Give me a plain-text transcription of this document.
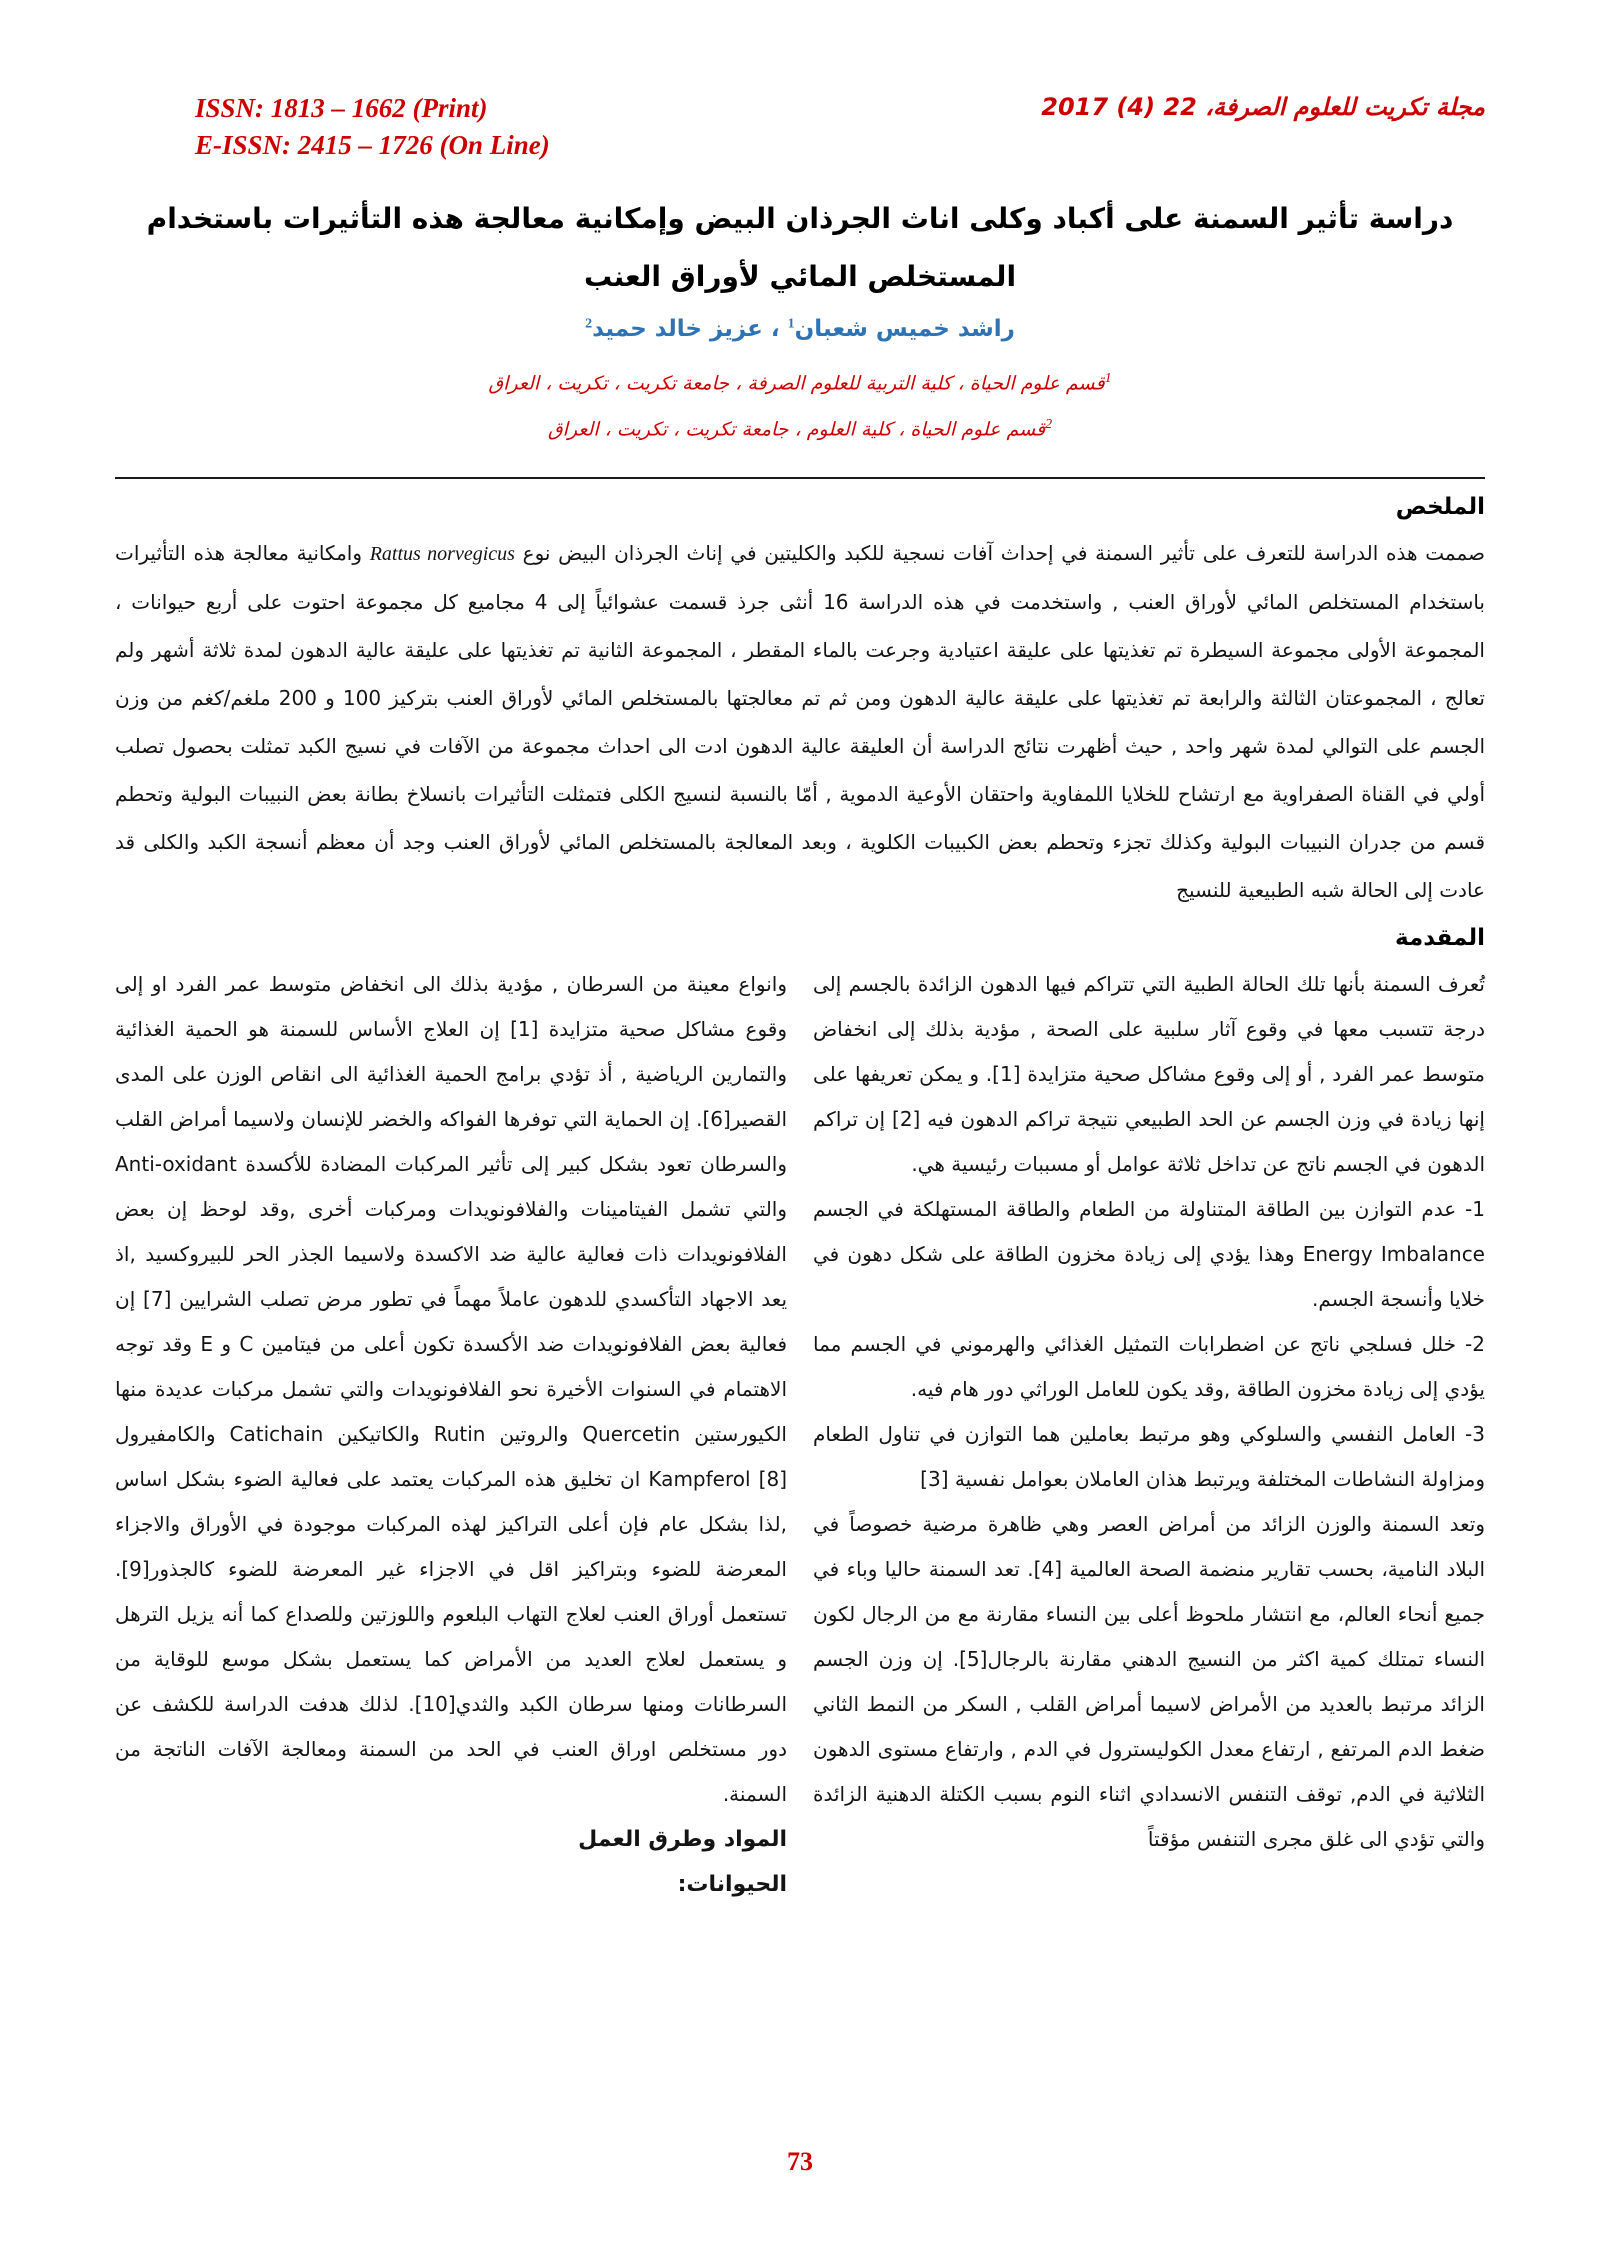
ISSN: 1813 – 1662 (Print)
E-ISSN: 2415 – 1726 (On Line)
مجلة تكريت للعلوم الصرفة، 22 (4) 2017
دراسة تأثير السمنة على أكباد وكلى اناث الجرذان البيض وإمكانية معالجة هذه التأثيرات باستخدام
المستخلص المائي لأوراق العنب
راشد خميس شعبان$^1$ ، عزيز خالد حميد$^2$
$^1$قسم علوم الحياة ، كلية التربية للعلوم الصرفة ، جامعة تكريت ، تكريت ، العراق
$^2$قسم علوم الحياة ، كلية العلوم ، جامعة تكريت ، تكريت ، العراق
الملخص

صممت هذه الدراسة للتعرف على تأثير السمنة في إحداث آفات نسجية للكبد والكليتين في إناث الجرذان البيض نوع Rattus norvegicus وامكانية معالجة هذه التأثيرات باستخدام المستخلص المائي لأوراق العنب , واستخدمت في هذه الدراسة 16 أنثى جرذ قسمت عشوائياً إلى 4 مجاميع كل مجموعة احتوت على أربع حيوانات ، المجموعة الأولى مجموعة السيطرة تم تغذيتها على عليقة اعتيادية وجرعت بالماء المقطر ، المجموعة الثانية تم تغذيتها على عليقة عالية الدهون لمدة ثلاثة أشهر ولم تعالج ، المجموعتان الثالثة والرابعة تم تغذيتها على عليقة عالية الدهون ومن ثم تم معالجتها بالمستخلص المائي لأوراق العنب بتركيز 100 و 200 ملغم/كغم من وزن الجسم على التوالي لمدة شهر واحد , حيث أظهرت نتائج الدراسة أن العليقة عالية الدهون ادت الى احداث مجموعة من الآفات في نسيج الكبد تمثلت بحصول تصلب أولي في القناة الصفراوية مع ارتشاح للخلايا اللمفاوية واحتقان الأوعية الدموية , أمّا بالنسبة لنسيج الكلى فتمثلت التأثيرات بانسلاخ بطانة بعض النبيبات البولية وتحطم قسم من جدران النبيبات البولية وكذلك تجزء وتحطم بعض الكبيبات الكلوية ، وبعد المعالجة بالمستخلص المائي لأوراق العنب وجد أن معظم أنسجة الكبد والكلى قد عادت إلى الحالة شبه الطبيعية للنسيج

المقدمة

تُعرف السمنة بأنها تلك الحالة الطبية التي تتراكم فيها الدهون الزائدة بالجسم إلى درجة تتسبب معها في وقوع آثار سلبية على الصحة , مؤدية بذلك إلى انخفاض متوسط عمر الفرد , أو إلى وقوع مشاكل صحية متزايدة [1]. و يمكن تعريفها على إنها زيادة في وزن الجسم عن الحد الطبيعي نتيجة تراكم الدهون فيه [2] إن تراكم الدهون في الجسم ناتج عن تداخل ثلاثة عوامل أو مسببات رئيسية هي.

1- عدم التوازن بين الطاقة المتناولة من الطعام والطاقة المستهلكة في الجسم Energy Imbalance وهذا يؤدي إلى زيادة مخزون الطاقة على شكل دهون في خلايا وأنسجة الجسم.

2- خلل فسلجي ناتج عن اضطرابات التمثيل الغذائي والهرموني في الجسم مما يؤدي إلى زيادة مخزون الطاقة ,وقد يكون للعامل الوراثي دور هام فيه.

3- العامل النفسي والسلوكي وهو مرتبط بعاملين هما التوازن في تناول الطعام ومزاولة النشاطات المختلفة ويرتبط هذان العاملان بعوامل نفسية [3]

وتعد السمنة والوزن الزائد من أمراض العصر وهي ظاهرة مرضية خصوصاً في البلاد النامية، بحسب تقارير منضمة الصحة العالمية [4]. تعد السمنة حاليا وباء في جميع أنحاء العالم، مع انتشار ملحوظ أعلى بين النساء مقارنة مع من الرجال لكون النساء تمتلك كمية اكثر من النسيج الدهني مقارنة بالرجال[5]. إن وزن الجسم الزائد مرتبط بالعديد من الأمراض لاسيما أمراض القلب , السكر من النمط الثاني ضغط الدم المرتفع , ارتفاع معدل الكوليسترول في الدم , وارتفاع مستوى الدهون الثلاثية في الدم, توقف التنفس الانسدادي اثناء النوم بسبب الكتلة الدهنية الزائدة والتي تؤدي الى غلق مجرى التنفس مؤقتاً

وانواع معينة من السرطان , مؤدية بذلك الى انخفاض متوسط عمر الفرد او إلى وقوع مشاكل صحية متزايدة [1] إن العلاج الأساس للسمنة هو الحمية الغذائية والتمارين الرياضية , أذ تؤدي برامج الحمية الغذائية الى انقاص الوزن على المدى القصير[6]. إن الحماية التي توفرها الفواكه والخضر للإنسان ولاسيما أمراض القلب والسرطان تعود بشكل كبير إلى تأثير المركبات المضادة للأكسدة Anti-oxidant والتي تشمل الفيتامينات والفلافونويدات ومركبات أخرى ,وقد لوحظ إن بعض الفلافونويدات ذات فعالية عالية ضد الاكسدة ولاسيما الجذر الحر للبيروكسيد ,اذ يعد الاجهاد التأكسدي للدهون عاملاً مهماً في تطور مرض تصلب الشرايين [7] إن فعالية بعض الفلافونويدات ضد الأكسدة تكون أعلى من فيتامين C و E وقد توجه الاهتمام في السنوات الأخيرة نحو الفلافونويدات والتي تشمل مركبات عديدة منها الكيورستين Quercetin والروتين Rutin والكاتيكين Catichain والكامفيرول Kampferol [8] ان تخليق هذه المركبات يعتمد على فعالية الضوء بشكل اساس ,لذا بشكل عام فإن أعلى التراكيز لهذه المركبات موجودة في الأوراق والاجزاء المعرضة للضوء وبتراكيز اقل في الاجزاء غير المعرضة للضوء كالجذور[9]. تستعمل أوراق العنب لعلاج التهاب البلعوم واللوزتين وللصداع كما أنه يزيل الترهل و يستعمل لعلاج العديد من الأمراض كما يستعمل بشكل موسع للوقاية من السرطانات ومنها سرطان الكبد والثدي[10]. لذلك هدفت الدراسة للكشف عن دور مستخلص اوراق العنب في الحد من السمنة ومعالجة الآفات الناتجة من السمنة.

المواد وطرق العمل
الحيوانات:
73
